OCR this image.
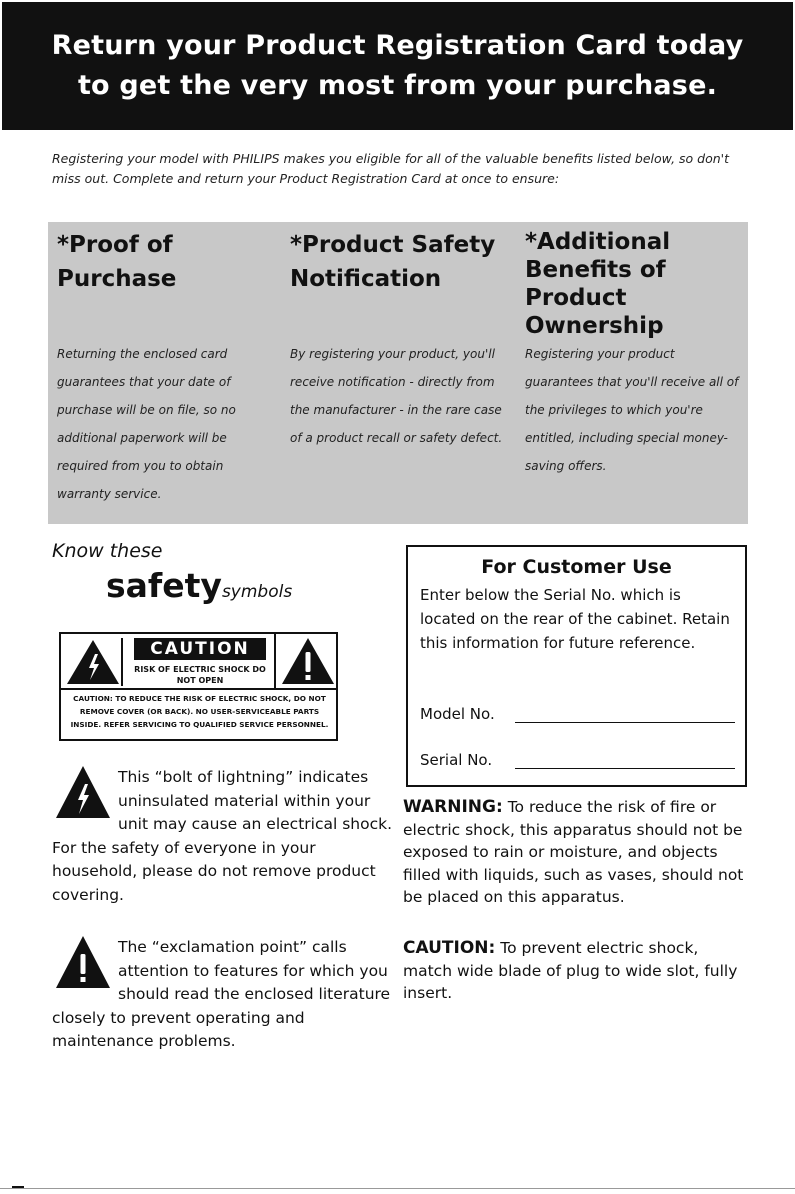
Return your Product Registration Card today
to get the very most from your purchase.
Registering your model with PHILIPS makes you eligible for all of the valuable benefits listed below, so don't miss out. Complete and return your Product Registration Card at once to ensure:
*Proof of Purchase
Returning the enclosed card guarantees that your date of purchase will be on file, so no additional paperwork will be required from you to obtain warranty service.
*Product Safety Notification
By registering your product, you'll receive notification - directly from the manufacturer - in the rare case of a product recall or safety defect.
*Additional Benefits of Product Ownership
Registering your product guarantees that you'll receive all of the privileges to which you're entitled, including special money-saving offers.
Know these
safetysymbols
CAUTION
RISK OF ELECTRIC SHOCK DO NOT OPEN
CAUTION: TO REDUCE THE RISK OF ELECTRIC SHOCK, DO NOT
REMOVE COVER (OR BACK). NO USER-SERVICEABLE PARTS
INSIDE. REFER SERVICING TO QUALIFIED SERVICE PERSONNEL.
This “bolt of lightning” indicates uninsulated material within your unit may cause an electrical shock. For the safety of everyone in your household, please do not remove product covering.
The “exclamation point” calls attention to features for which you should read the enclosed literature closely to prevent operating and maintenance problems.
For Customer Use
Enter below the Serial No. which is located on the rear of the cabinet. Retain this information for future reference.
Model No.
Serial No.
WARNING: To reduce the risk of fire or electric shock, this apparatus should not be exposed to rain or moisture, and objects filled with liquids, such as vases, should not be placed on this apparatus.
CAUTION: To prevent electric shock, match wide blade of plug to wide slot, fully insert.
